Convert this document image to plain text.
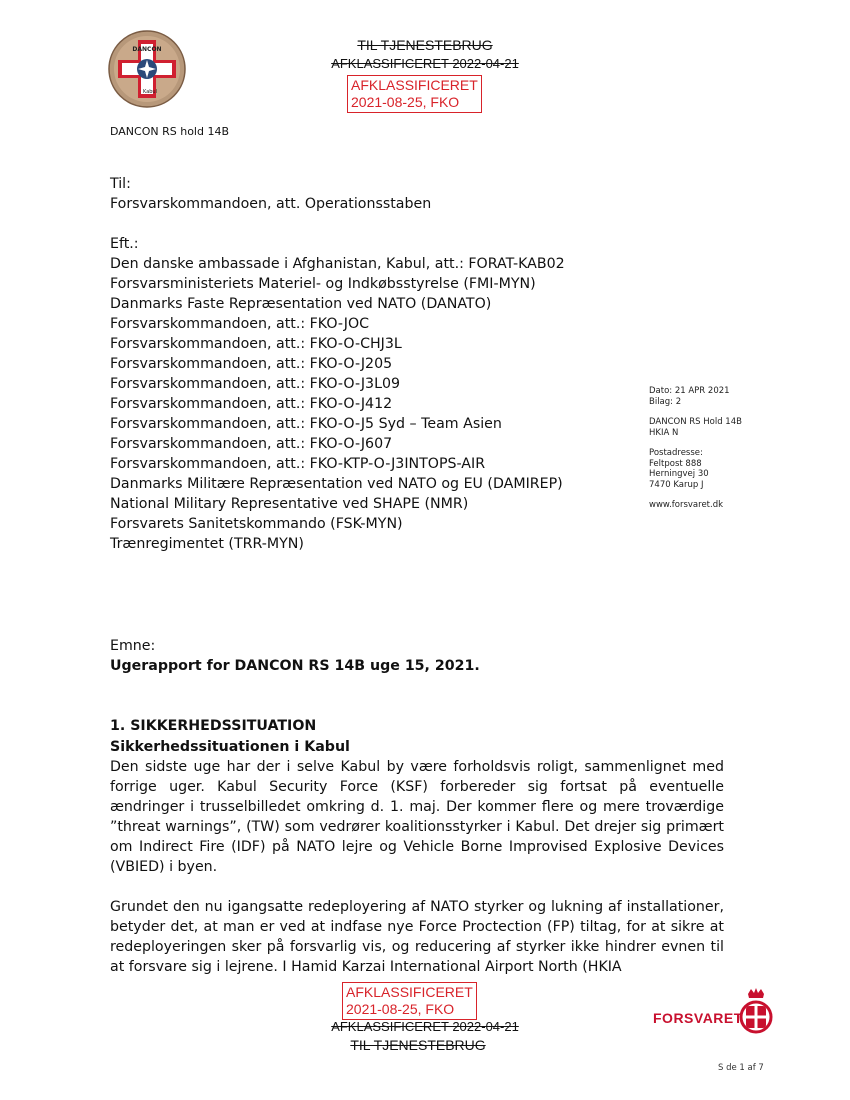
TIL TJENESTEBRUG
AFKLASSIFICERET 2022-04-21
AFKLASSIFICERET
2021-08-25, FKO
DANCON
Kabul
DANCON RS hold 14B
Til:
Forsvarskommandoen, att. Operationsstaben
Eft.:
Den danske ambassade i Afghanistan, Kabul, att.: FORAT-KAB02
Forsvarsministeriets Materiel- og Indkøbsstyrelse (FMI-MYN)
Danmarks Faste Repræsentation ved NATO (DANATO)
Forsvarskommandoen, att.: FKO-JOC
Forsvarskommandoen, att.: FKO-O-CHJ3L
Forsvarskommandoen, att.: FKO-O-J205
Forsvarskommandoen, att.: FKO-O-J3L09
Forsvarskommandoen, att.: FKO-O-J412
Forsvarskommandoen, att.: FKO-O-J5 Syd – Team Asien
Forsvarskommandoen, att.: FKO-O-J607
Forsvarskommandoen, att.: FKO-KTP-O-J3INTOPS-AIR
Danmarks Militære Repræsentation ved NATO og EU (DAMIREP)
National Military Representative ved SHAPE (NMR)
Forsvarets Sanitetskommando (FSK-MYN)
Trænregimentet (TRR-MYN)
Dato: 21 APR 2021
Bilag: 2
DANCON RS Hold 14B
HKIA N
Postadresse:
Feltpost 888
Herningvej 30
7470 Karup J
www.forsvaret.dk
Emne:
Ugerapport for DANCON RS 14B uge 15, 2021.
1. SIKKERHEDSSITUATION
Sikkerhedssituationen i Kabul
Den sidste uge har der i selve Kabul by være forholdsvis roligt, sammenlignet med forrige uger. Kabul Security Force (KSF) forbereder sig fortsat på eventuelle ændringer i trusselbilledet omkring d. 1. maj. Der kommer flere og mere troværdige ”threat warnings”, (TW) som vedrører koalitionsstyrker i Kabul. Det drejer sig primært om Indirect Fire (IDF) på NATO lejre og Vehicle Borne Improvised Explosive Devices (VBIED) i byen.
Grundet den nu igangsatte redeployering af NATO styrker og lukning af installationer, betyder det, at man er ved at indfase nye Force Proctection (FP) tiltag, for at sikre at redeployeringen sker på forsvarlig vis, og reducering af styrker ikke hindrer evnen til at forsvare sig i lejrene. I Hamid Karzai International Airport North (HKIA
AFKLASSIFICERET
2021-08-25, FKO
AFKLASSIFICERET 2022-04-21
TIL TJENESTEBRUG
FORSVARET
S de 1 af 7
